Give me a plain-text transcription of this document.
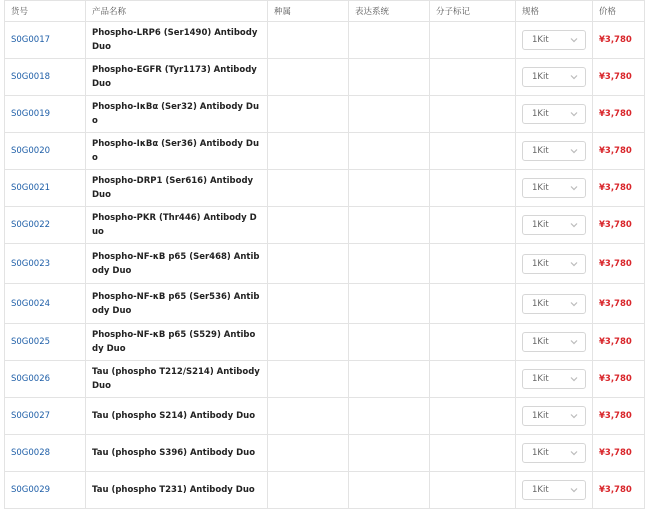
货号	产品名称	种属	表达系统	分子标记	规格	价格
S0G0017	Phospho-LRP6 (Ser1490) Antibody Duo				1Kit	¥3,780
S0G0018	Phospho-EGFR (Tyr1173) Antibody Duo				1Kit	¥3,780
S0G0019	Phospho-IκBα (Ser32) Antibody Duo				1Kit	¥3,780
S0G0020	Phospho-IκBα (Ser36) Antibody Duo				1Kit	¥3,780
S0G0021	Phospho-DRP1 (Ser616) Antibody Duo				1Kit	¥3,780
S0G0022	Phospho-PKR (Thr446) Antibody Duo				1Kit	¥3,780
S0G0023	Phospho-NF-κB p65 (Ser468) Antibody Duo				1Kit	¥3,780
S0G0024	Phospho-NF-κB p65 (Ser536) Antibody Duo				1Kit	¥3,780
S0G0025	Phospho-NF-κB p65 (S529) Antibody Duo				1Kit	¥3,780
S0G0026	Tau (phospho T212/S214) Antibody Duo				1Kit	¥3,780
S0G0027	Tau (phospho S214) Antibody Duo				1Kit	¥3,780
S0G0028	Tau (phospho S396) Antibody Duo				1Kit	¥3,780
S0G0029	Tau (phospho T231) Antibody Duo				1Kit	¥3,780
